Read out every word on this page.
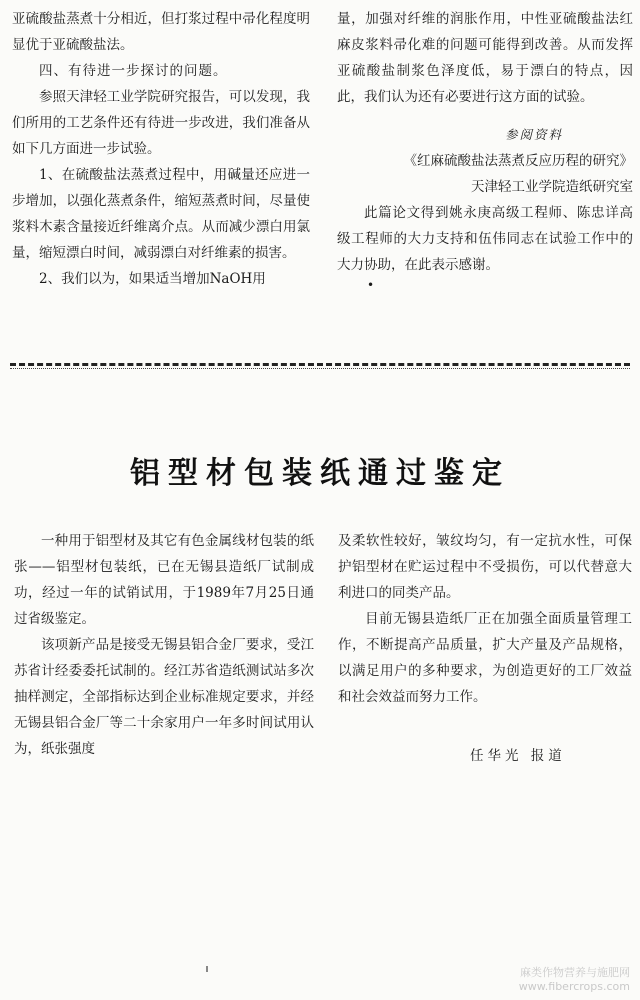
亚硫酸盐蒸煮十分相近，但打浆过程中帚化程度明显优于亚硫酸盐法。

四、有待进一步探讨的问题。

参照天津轻工业学院研究报告，可以发现，我们所用的工艺条件还有待进一步改进，我们准备从如下几方面进一步试验。

1、在硫酸盐法蒸煮过程中，用碱量还应进一步增加，以强化蒸煮条件，缩短蒸煮时间，尽量使浆料木素含量接近纤维离介点。从而减少漂白用氯量，缩短漂白时间，减弱漂白对纤维素的损害。

2、我们以为，如果适当增加NaOH用

量，加强对纤维的润胀作用，中性亚硫酸盐法红麻皮浆料帚化难的问题可能得到改善。从而发挥亚硫酸盐制浆色泽度低，易于漂白的特点，因此，我们认为还有必要进行这方面的试验。

参阅资料

《红麻硫酸盐法蒸煮反应历程的研究》

天津轻工业学院造纸研究室

此篇论文得到姚永庚高级工程师、陈忠详高级工程师的大力支持和伍伟同志在试验工作中的大力协助，在此表示感谢。

•

铝型材包装纸通过鉴定

一种用于铝型材及其它有色金属线材包装的纸张——铝型材包装纸，已在无锡县造纸厂试制成功，经过一年的试销试用，于1989年7月25日通过省级鉴定。

该项新产品是接受无锡县铝合金厂要求，受江苏省计经委委托试制的。经江苏省造纸测试站多次抽样测定，全部指标达到企业标准规定要求，并经无锡县铝合金厂等二十余家用户一年多时间试用认为，纸张强度

及柔软性较好，皱纹均匀，有一定抗水性，可保护铝型材在贮运过程中不受损伤，可以代替意大利进口的同类产品。

目前无锡县造纸厂正在加强全面质量管理工作，不断提高产品质量，扩大产量及产品规格，以满足用户的多种要求，为创造更好的工厂效益和社会效益而努力工作。

任华光 报道
麻类作物营养与施肥网
www.fibercrops.com
